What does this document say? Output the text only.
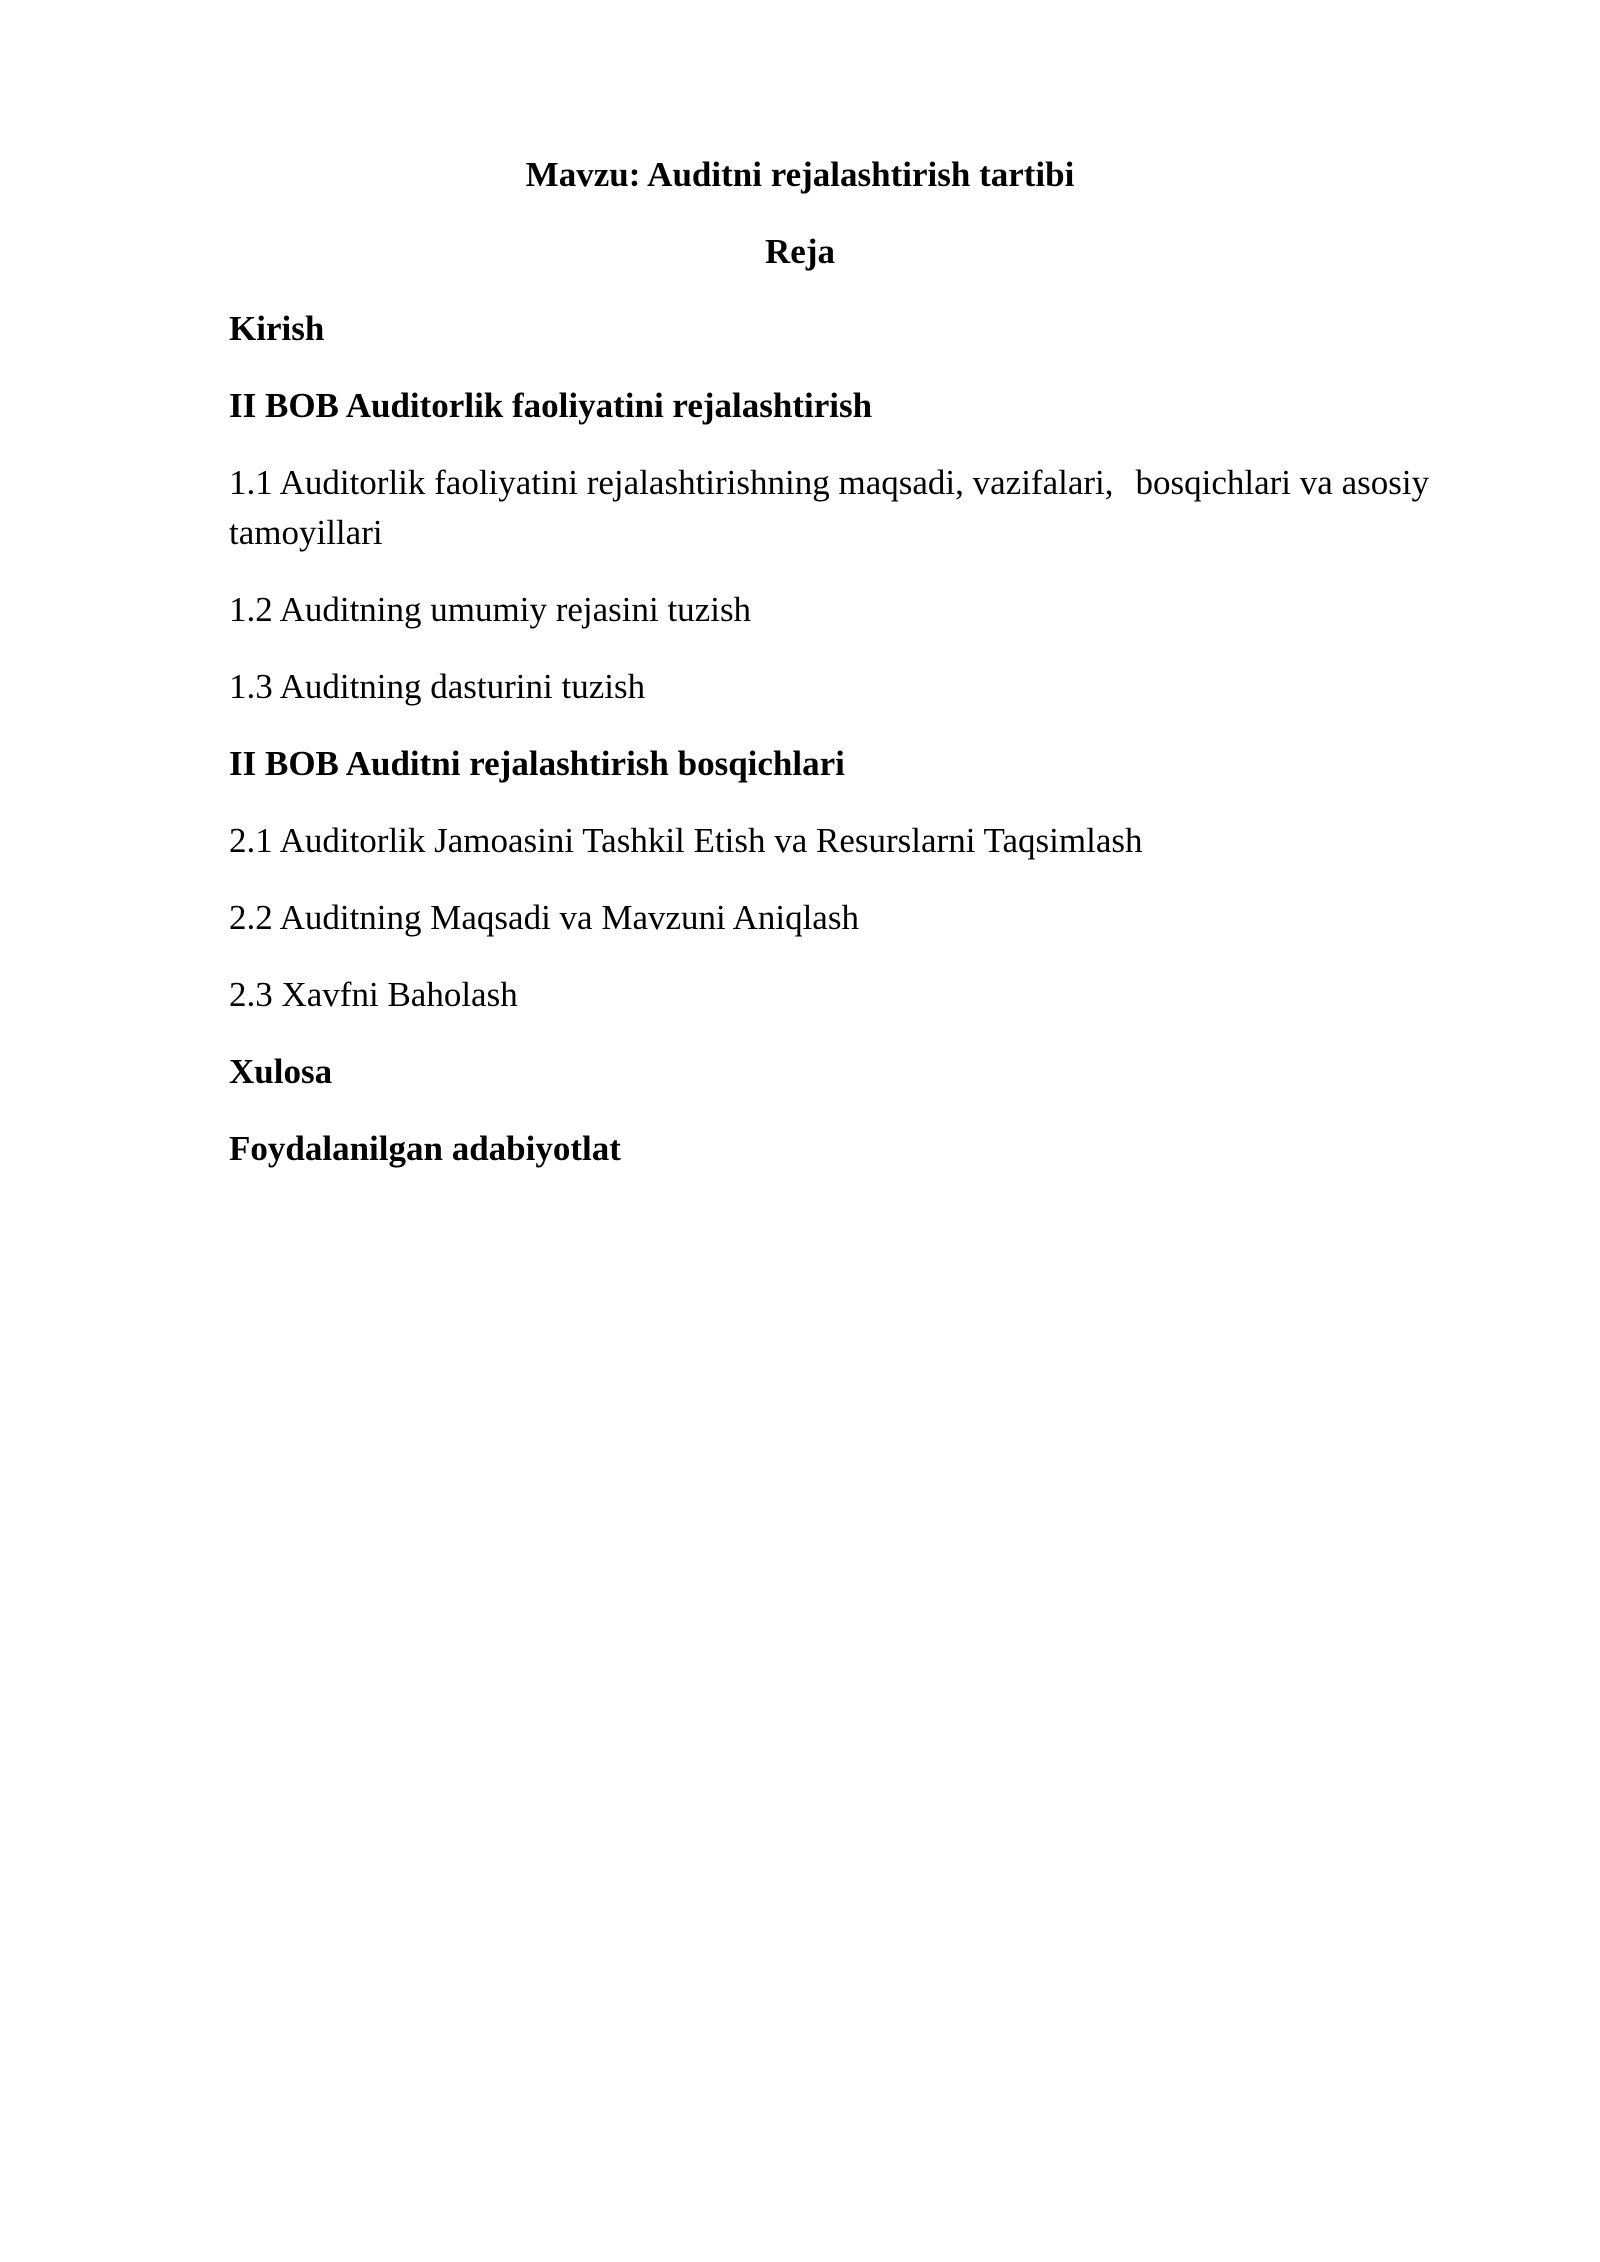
Mavzu: Auditni rejalashtirish tartibi
Reja

Kirish

II BOB Auditorlik faoliyatini rejalashtirish

1.1 Auditorlik faoliyatini rejalashtirishning maqsadi, vazifalari, bosqichlari va asosiy tamoyillari

1.2 Auditning umumiy rejasini tuzish

1.3 Auditning dasturini tuzish

II BOB Auditni rejalashtirish bosqichlari

2.1 Auditorlik Jamoasini Tashkil Etish va Resurslarni Taqsimlash

2.2 Auditning Maqsadi va Mavzuni Aniqlash

2.3 Xavfni Baholash

Xulosa

Foydalanilgan adabiyotlat
